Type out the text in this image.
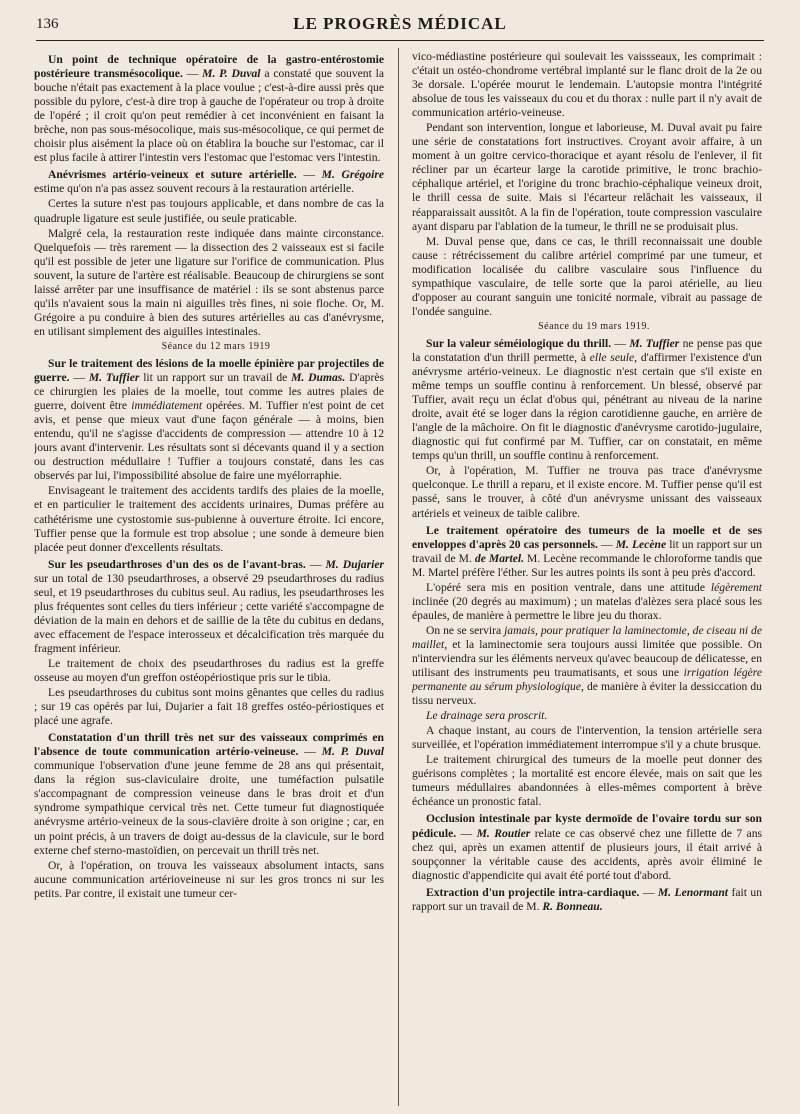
136	LE PROGRÈS MÉDICAL

Un point de technique opératoire de la gastro-entérostomie postérieure transmésocolique. — M. P. Duval a constaté que souvent la bouche n'était pas exactement à la place voulue ; c'est-à-dire aussi près que possible du pylore, c'est-à dire trop à gauche de l'opérateur ou trop à droite de l'opéré ; il croit qu'on peut remédier à cet inconvénient en faisant la brèche, non pas sous-mésocolique, mais sus-mésocolique, ce qui permet de choisir plus aisément la place où on établira la bouche sur l'estomac, car il est plus facile à attirer l'intestin vers l'estomac que l'estomac vers l'intestin.

Anévrismes artério-veineux et suture artérielle. — M. Grégoire estime qu'on n'a pas assez souvent recours à la restauration artérielle.

Certes la suture n'est pas toujours applicable, et dans nombre de cas la quadruple ligature est seule justifiée, ou seule praticable.

Malgré cela, la restauration reste indiquée dans mainte circonstance. Quelquefois — très rarement — la dissection des 2 vaisseaux est si facile qu'il est possible de jeter une ligature sur l'orifice de communication. Plus souvent, la suture de l'artère est réalisable. Beaucoup de chirurgiens se sont laissé arrêter par une insuffisance de matériel : ils se sont abstenus parce qu'ils n'avaient sous la main ni aiguilles très fines, ni soie floche. Or, M. Grégoire a pu conduire à bien des sutures artérielles au cas d'anévrysme, en utilisant simplement des aiguilles intestinales.

Séance du 12 mars 1919

Sur le traitement des lésions de la moelle épinière par projectiles de guerre. — M. Tuffier lit un rapport sur un travail de M. Dumas. D'après ce chirurgien les plaies de la moelle, tout comme les autres plaies de guerre, doivent être immédiatement opérées. M. Tuffier n'est point de cet avis, et pense que mieux vaut d'une façon générale — à moins, bien entendu, qu'il ne s'agisse d'accidents de compression — attendre 10 à 12 jours avant d'intervenir. Les résultats sont si décevants quand il y a section ou destruction médullaire ! Tuffier a toujours constaté, dans les cas observés par lui, l'impossibilité absolue de faire une myélorraphie.

Envisageant le traitement des accidents tardifs des plaies de la moelle, et en particulier le traitement des accidents urinaires, Dumas préfère au cathétérisme une cystostomie sus-pubienne à ouverture étroite. Ici encore, Tuffier pense que la formule est trop absolue ; une sonde à demeure bien placée peut donner d'excellents résultats.

Sur les pseudarthroses d'un des os de l'avant-bras. — M. Dujarier sur un total de 130 pseudarthroses, a observé 29 pseudarthroses du radius seul, et 19 pseudarthroses du cubitus seul. Au radius, les pseudarthroses les plus fréquentes sont celles du tiers inférieur ; cette variété s'accompagne de déviation de la main en dehors et de saillie de la tête du cubitus en dedans, avec effacement de l'espace interosseux et décalcification très marquée du fragment inférieur.

Le traitement de choix des pseudarthroses du radius est la greffe osseuse au moyen d'un greffon ostéopériostique pris sur le tibia.

Les pseudarthroses du cubitus sont moins gênantes que celles du radius ; sur 19 cas opérés par lui, Dujarier a fait 18 greffes ostéo-périostiques et placé une agrafe.

Constatation d'un thrill très net sur des vaisseaux comprimés en l'absence de toute communication artério-veineuse. — M. P. Duval communique l'observation d'une jeune femme de 28 ans qui présentait, dans la région sus-claviculaire droite, une tuméfaction pulsatile s'accompagnant de compression veineuse dans le bras droit et d'un syndrome sympathique cervical très net. Cette tumeur fut diagnostiquée anévrysme artério-veineux de la sous-clavière droite à son origine ; car, en un point précis, à un travers de doigt au-dessus de la clavicule, sur le bord externe chef sterno-mastoïdien, on percevait un thrill très net.

Or, à l'opération, on trouva les vaisseaux absolument intacts, sans aucune communication artérioveineuse ni sur les gros troncs ni sur les petits. Par contre, il existait une tumeur cer-

vico-médiastine postérieure qui soulevait les vaissseaux, les comprimait : c'était un ostéo-chondrome vertébral implanté sur le flanc droit de la 2e ou 3e dorsale. L'opérée mourut le lendemain. L'autopsie montra l'intégrité absolue de tous les vaisseaux du cou et du thorax : nulle part il n'y avait de communication artério-veineuse.

Pendant son intervention, longue et laborieuse, M. Duval avait pu faire une série de constatations fort instructives. Croyant avoir affaire, à un moment à un goitre cervico-thoracique et ayant résolu de l'enlever, il fit récliner par un écarteur large la carotide primitive, le tronc brachio-céphalique artériel, et l'origine du tronc brachio-céphalique veineux droit, le thrill cessa de suite. Mais si l'écarteur relâchait les vaisseaux, il réapparaissait aussitôt. A la fin de l'opération, toute compression vasculaire ayant disparu par l'ablation de la tumeur, le thrill ne se produisait plus.

M. Duval pense que, dans ce cas, le thrill reconnaissait une double cause : rétrécissement du calibre artériel comprimé par une tumeur, et modification localisée du calibre vasculaire sous l'influence du sympathique vasculaire, de telle sorte que la paroi atérielle, au lieu d'opposer au courant sanguin une tonicité normale, vibrait au passage de l'ondée sanguine.

Séance du 19 mars 1919.

Sur la valeur séméiologique du thrill. — M. Tuffier ne pense pas que la constatation d'un thrill permette, à elle seule, d'affirmer l'existence d'un anévrysme artério-veineux. Le diagnostic n'est certain que s'il existe en même temps un souffle continu à renforcement. Un blessé, observé par Tuffier, avait reçu un éclat d'obus qui, pénétrant au niveau de la narine droite, avait été se loger dans la région carotidienne gauche, en arrière de l'angle de la mâchoire. On fit le diagnostic d'anévrysme carotido-jugulaire, diagnostic qui fut confirmé par M. Tuffier, car on constatait, en même temps qu'un thrill, un souffle continu à renforcement.

Or, à l'opération, M. Tuffier ne trouva pas trace d'anévrysme quelconque. Le thrill a reparu, et il existe encore. M. Tuffier pense qu'il est passé, sans le trouver, à côté d'un anévrysme unissant des vaisseaux artériels et veineux de taible calibre.

Le traitement opératoire des tumeurs de la moelle et de ses enveloppes d'après 20 cas personnels. — M. Lecène lit un rapport sur un travail de M. de Martel. M. Lecène recommande le chloroforme tandis que M. Martel préfère l'éther. Sur les autres points ils sont à peu près d'accord.

L'opéré sera mis en position ventrale, dans une attitude légèrement inclinée (20 degrés au maximum) ; un matelas d'alèzes sera placé sous les épaules, de manière à permettre le libre jeu du thorax.

On ne se servira jamais, pour pratiquer la laminectomie, de ciseau ni de maillet, et la laminectomie sera toujours aussi limitée que possible. On n'interviendra sur les éléments nerveux qu'avec beaucoup de délicatesse, en utilisant des instruments peu traumatisants, et sous une irrigation légère permanente au sérum physiologique, de manière à éviter la dessiccation du tissu nerveux.

Le drainage sera proscrit.

A chaque instant, au cours de l'intervention, la tension artérielle sera surveillée, et l'opération immédiatement interrompue s'il y a chute brusque.

Le traitement chirurgical des tumeurs de la moelle peut donner des guérisons complètes ; la mortalité est encore élevée, mais on sait que les tumeurs médullaires abandonnées à elles-mêmes comportent à brève échéance un pronostic fatal.

Occlusion intestinale par kyste dermoïde de l'ovaire tordu sur son pédicule. — M. Routier relate ce cas observé chez une fillette de 7 ans chez qui, après un examen attentif de plusieurs jours, il était arrivé à soupçonner la véritable cause des accidents, après avoir éliminé le diagnostic d'appendicite qui avait été porté tout d'abord.

Extraction d'un projectile intra-cardiaque. — M. Lenormant fait un rapport sur un travail de M. R. Bonneau.
